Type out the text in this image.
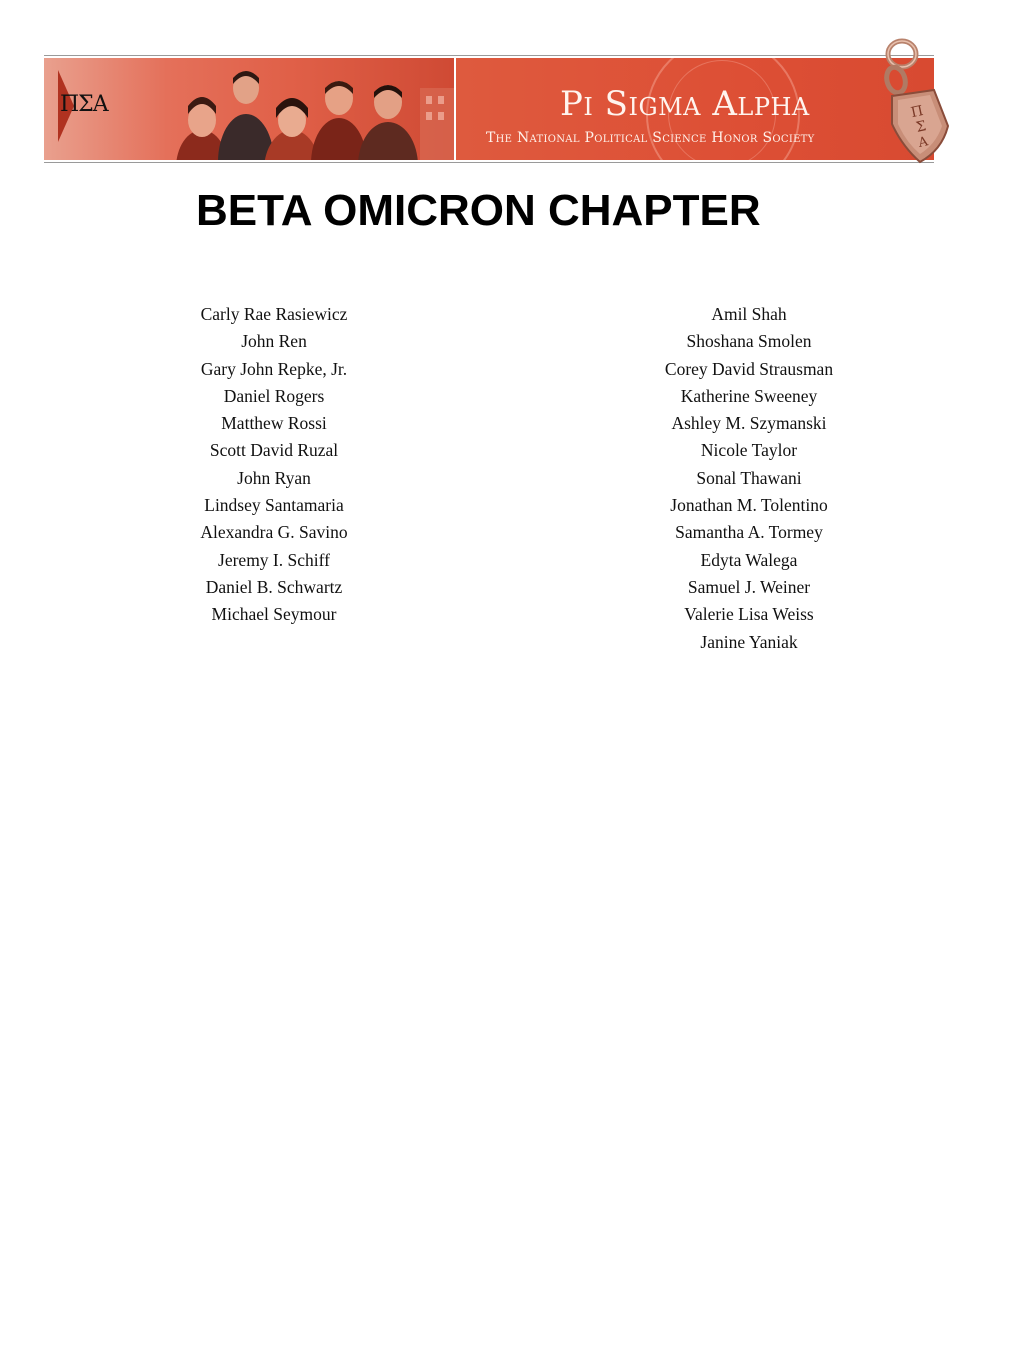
ΠΣΑ	Pi Sigma Alpha
The National Political Science Honor Society
Π
Σ
Α
BETA OMICRON CHAPTER
Carly Rae Rasiewicz
John Ren
Gary John Repke, Jr.
Daniel Rogers
Matthew Rossi
Scott David Ruzal
John Ryan
Lindsey Santamaria
Alexandra G. Savino
Jeremy I. Schiff
Daniel B. Schwartz
Michael Seymour
Amil Shah
Shoshana Smolen
Corey David Strausman
Katherine Sweeney
Ashley M. Szymanski
Nicole Taylor
Sonal Thawani
Jonathan M. Tolentino
Samantha A. Tormey
Edyta Walega
Samuel J. Weiner
Valerie Lisa Weiss
Janine Yaniak
